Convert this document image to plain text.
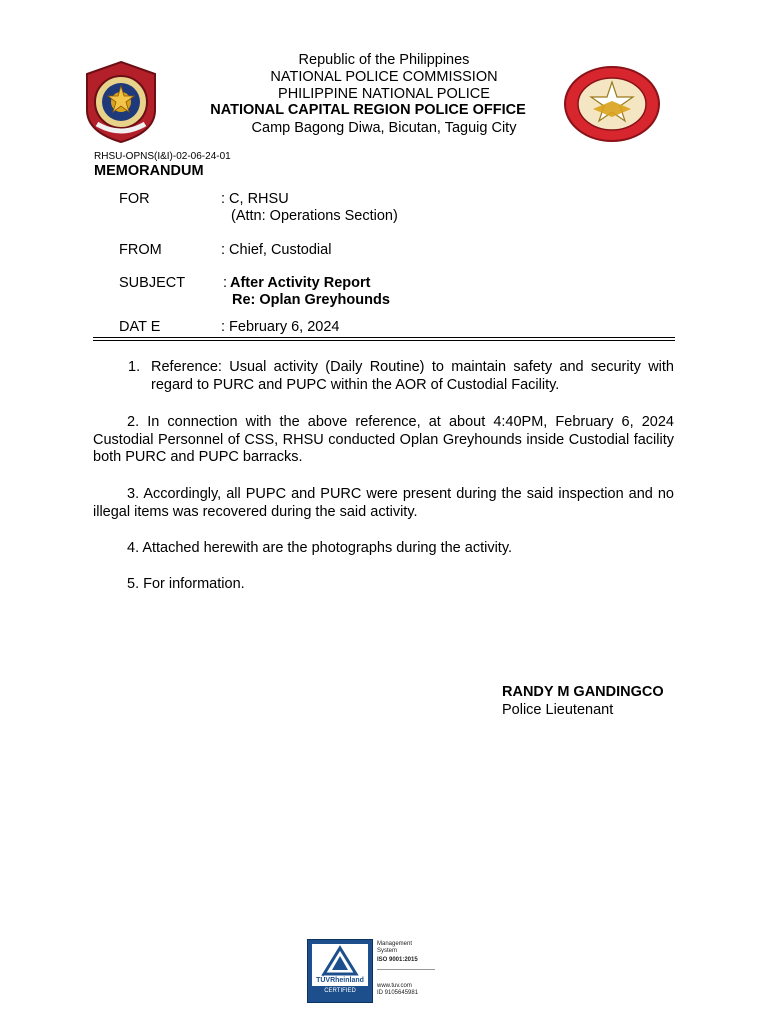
Republic of the Philippines
NATIONAL POLICE COMMISSION
PHILIPPINE NATIONAL POLICE
NATIONAL CAPITAL REGION POLICE OFFICE
Camp Bagong Diwa, Bicutan, Taguig City
RHSU-OPNS(I&I)-02-06-24-01
MEMORANDUM
FOR	: C, RHSU
(Attn: Operations Section)
FROM	: Chief, Custodial
SUBJECT	: After Activity Report
Re: Oplan Greyhounds
DAT E	: February 6, 2024
1. Reference: Usual activity (Daily Routine) to maintain safety and security with regard to PURC and PUPC within the AOR of Custodial Facility.
2. In connection with the above reference, at about 4:40PM, February 6, 2024 Custodial Personnel of CSS, RHSU conducted Oplan Greyhounds inside Custodial facility both PURC and PUPC barracks.
3. Accordingly, all PUPC and PURC were present during the said inspection and no illegal items was recovered during the said activity.
4. Attached herewith are the photographs during the activity.
5. For information.
RANDY M GANDINGCO
Police Lieutenant
TÜVRheinland
CERTIFIED
Management
System
ISO 9001:2015
www.tuv.com
ID 9105645981
